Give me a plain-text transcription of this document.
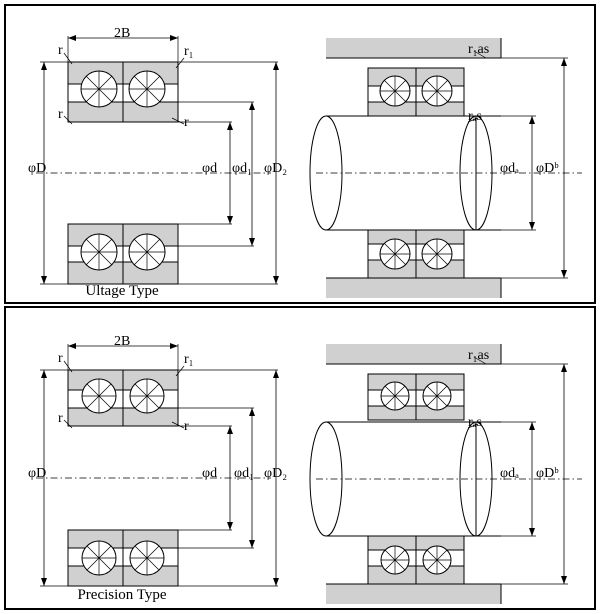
2B
r
r
r₁
r
φD	φd φd₁ φD₂
r₁as
rₐs
φdₐ φDᵇ
Ultage Type
2B
r
r
r₁
r
φD	φd φd₁ φD₂
r₁as
rₐs
φdₐ φDᵇ
Precision Type
